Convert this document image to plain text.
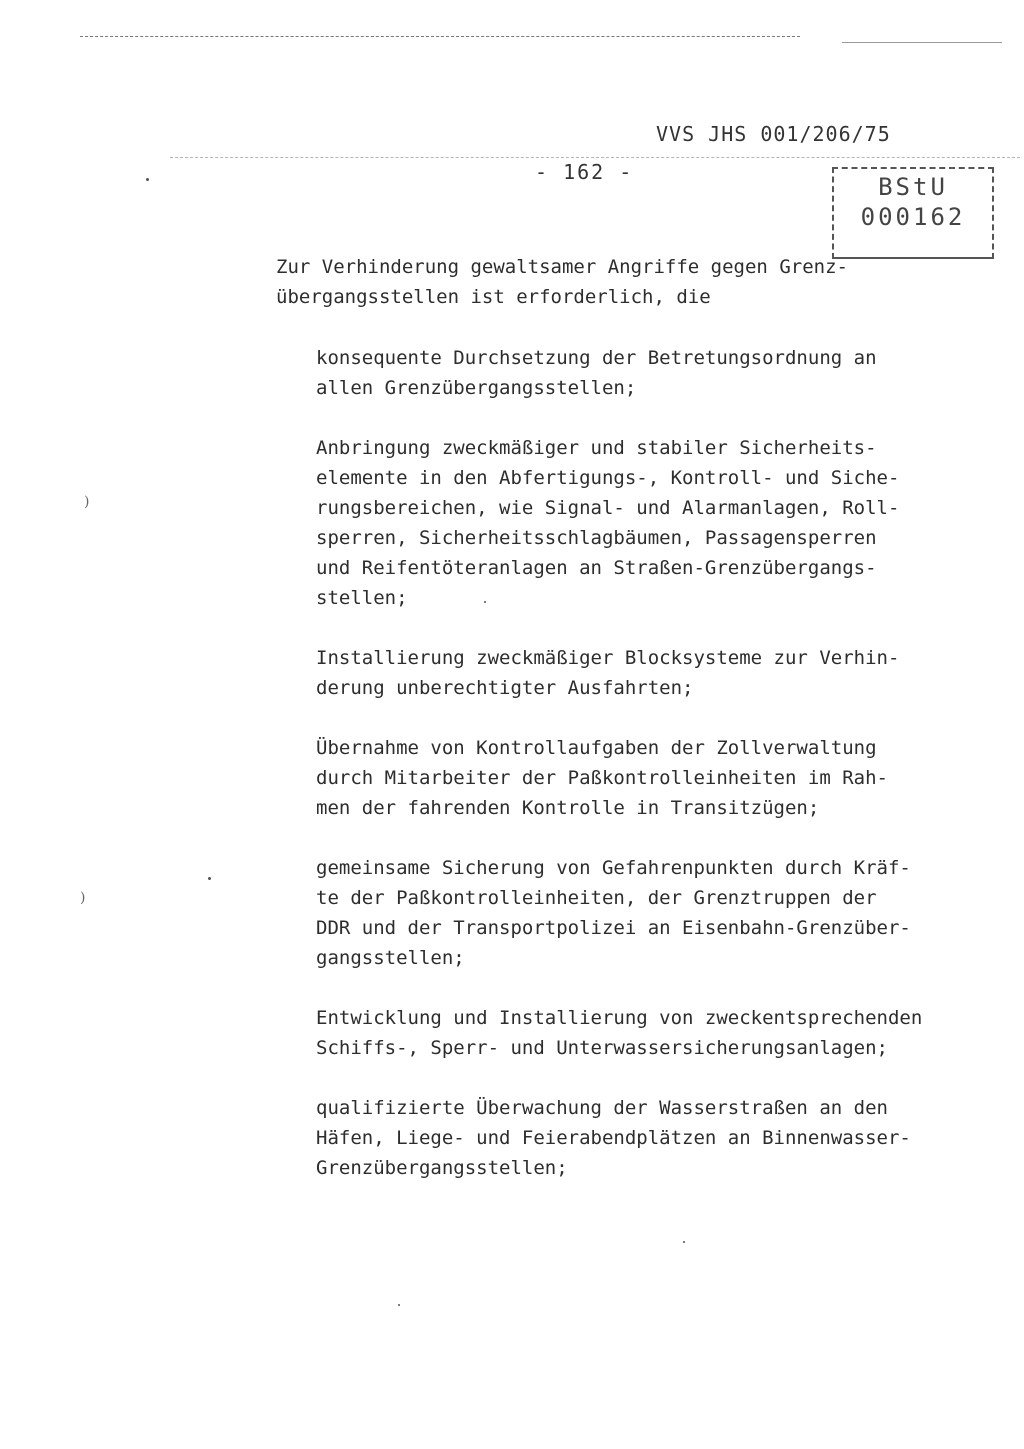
VVS JHS 001/206/75
- 162 -
BStU
000162
)
)
Zur Verhinderung gewaltsamer Angriffe gegen Grenz-
übergangsstellen ist erforderlich, die
konsequente Durchsetzung der Betretungsordnung an
allen Grenzübergangsstellen;
Anbringung zweckmäßiger und stabiler Sicherheits-
elemente in den Abfertigungs-, Kontroll- und Siche-
rungsbereichen, wie Signal- und Alarmanlagen, Roll-
sperren, Sicherheitsschlagbäumen, Passagensperren
und Reifentöteranlagen an Straßen-Grenzübergangs-
stellen;
Installierung zweckmäßiger Blocksysteme zur Verhin-
derung unberechtigter Ausfahrten;
Übernahme von Kontrollaufgaben der Zollverwaltung
durch Mitarbeiter der Paßkontrolleinheiten im Rah-
men der fahrenden Kontrolle in Transitzügen;
gemeinsame Sicherung von Gefahrenpunkten durch Kräf-
te der Paßkontrolleinheiten, der Grenztruppen der
DDR und der Transportpolizei an Eisenbahn-Grenzüber-
gangsstellen;
Entwicklung und Installierung von zweckentsprechenden
Schiffs-, Sperr- und Unterwassersicherungsanlagen;
qualifizierte Überwachung der Wasserstraßen an den
Häfen, Liege- und Feierabendplätzen an Binnenwasser-
Grenzübergangsstellen;
